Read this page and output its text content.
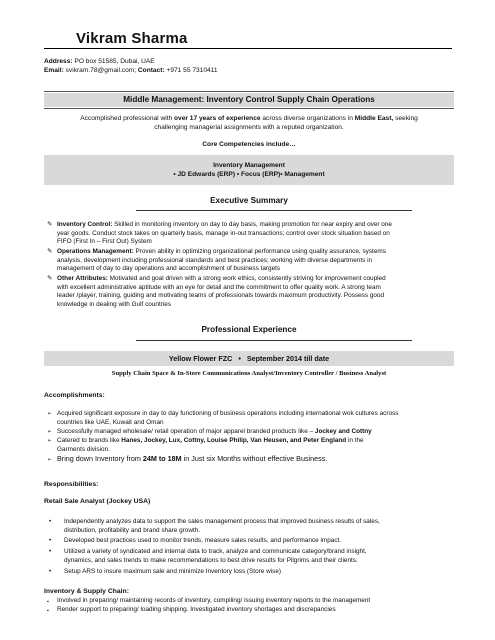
Vikram Sharma
Address: PO box 51585, Dubai, UAE
Email: svikram.78@gmail.com; Contact: +971 55 7310411
Middle Management: Inventory Control Supply Chain Operations
Accomplished professional with over 17 years of experience across diverse organizations in Middle East, seeking
challenging managerial assignments with a reputed organization.
Core Competencies include…
Inventory Management
• JD Edwards (ERP) • Focus (ERP)• Management
Executive Summary
✎ Inventory Control: Skilled in monitoring inventory on day to day basis, making promotion for near expiry and over one
year goods. Conduct stock takes on quarterly basis, manage in-out transactions; control over stock situation based on
FIFO (First In – First Out) System
✎ Operations Management: Proven ability in optimizing organizational performance using quality assurance, systems
analysis, development including professional standards and best practices; working with diverse departments in
management of day to day operations and accomplishment of business targets
✎ Other Attributes: Motivated and goal driven with a strong work ethics, consistently striving for improvement coupled
with excellent administrative aptitude with an eye for detail and the commitment to offer quality work. A strong team
leader /player, training, guiding and motivating teams of professionals towards maximum productivity. Possess good
knowledge in dealing with Gulf countries
Professional Experience
Yellow Flower FZC • September 2014 till date
Supply Chain Space & In-Store Communications Analyst/Inventory Controller / Business Analyst
Accomplishments:
➢ Acquired significant exposure in day to day functioning of business operations including international wok cultures across
countries like UAE, Kuwait and Oman
➢ Successfully managed wholesale/ retail operation of major apparel branded products like – Jockey and Cottny
➢ Catered to brands like Hanes, Jockey, Lux, Cottny, Louise Philip, Van Heusen, and Peter England in the
Garments division.
➢ Bring down Inventory from 24M to 18M in Just six Months without effective Business.
Responsibilities:
Retail Sale Analyst (Jockey USA)
• Independently analyzes data to support the sales management process that improved business results of sales,
distribution, profitability and brand share growth.
• Developed best practices used to monitor trends, measure sales results, and performance impact.
• Utilized a variety of syndicated and internal data to track, analyze and communicate category/brand insight,
dynamics, and sales trends to make recommendations to best drive results for Pilgrims and their clients.
• Setup ARS to insure maximum sale and minimize Inventory loss (Store wise)
Inventory & Supply Chain:
▪ Involved in preparing/ maintaining records of inventory, compiling/ issuing inventory reports to the management
▪ Render support to preparing/ loading shipping. Investigated inventory shortages and discrepancies
